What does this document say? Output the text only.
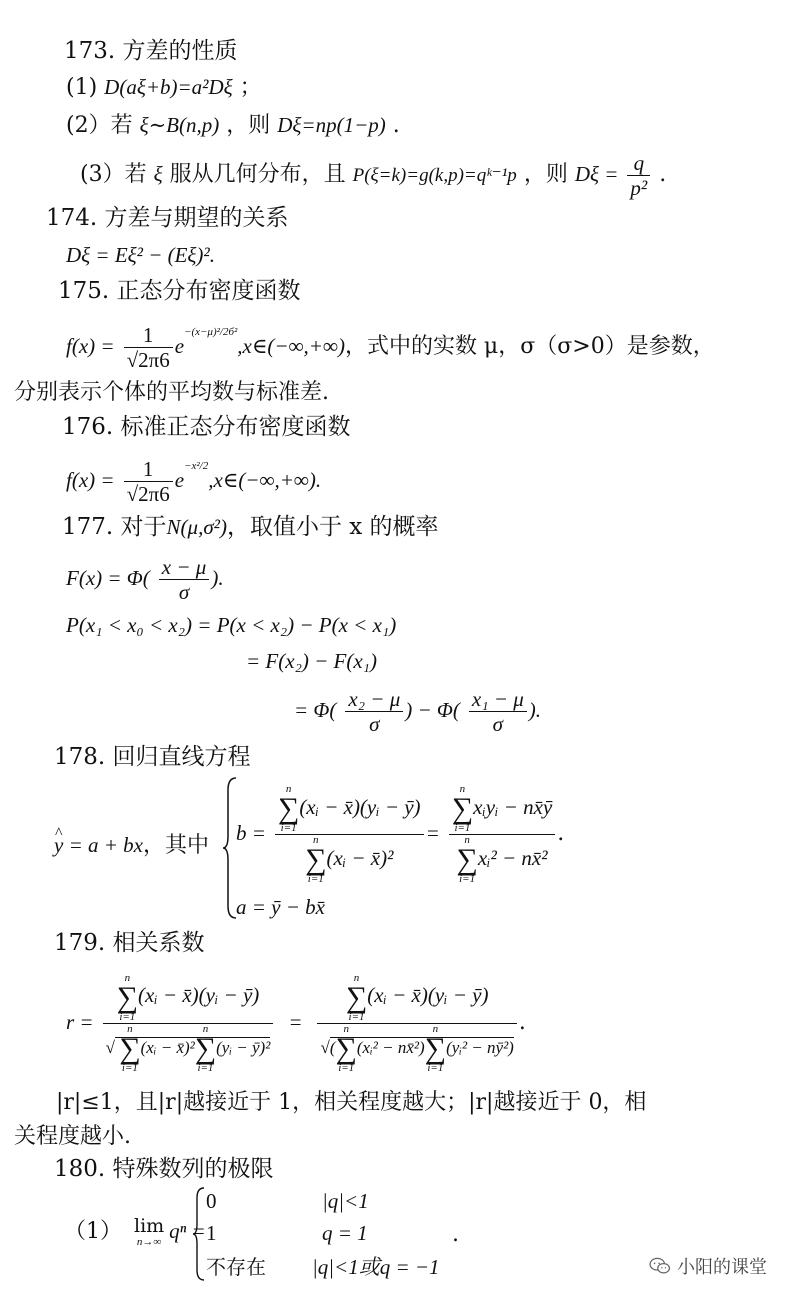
173. 方差的性质
(1) D(aξ+b)=a²Dξ ；
(2）若 ξ∼B(n,p) ，则 Dξ=np(1−p) .
(3）若 ξ 服从几何分布，且 P(ξ=k)=g(k,p)=qᵏ⁻¹p ，则 $D\xi = \frac{q}{\text{p²}}$ .
174. 方差与期望的关系
Dξ = Eξ² − (Eξ)².
175. 正态分布密度函数
$f(x) = \frac{1}{√2\pi 6}$ $e^{-(x-\mu)^2/2б^2},x\in(-\infty,+\infty)$，式中的实数 μ，σ（σ>0）是参数，
分别表示个体的平均数与标准差.
176. 标准正态分布密度函数
$f(x) = \frac{1}{√2\pi 6}$ $e^{-x^2/2},x\in(-\infty,+\infty)$.
177. 对于N(μ,σ²)，取值小于 x 的概率
$F(x) = \Phi( \frac{x - \mu}{\sigma}$ ).
P(x₁ < x₀ < x₂) = P(x < x₂) − P(x < x₁)
= F(x₂) − F(x₁)
= $\Phi( \frac{\text{x₂ − μ}}{\sigma}$ ) − $\Phi( \frac{\text{x₁ − μ}}{\sigma}$ ).
178. 回归直线方程
^ y = a + bx，其中 b = n
∑
i=1
(xᵢ − x̄)(yᵢ − ȳ)
n
∑
i=1
(xᵢ − x̄)² = n
∑
i=1
xᵢyᵢ − nx̄ȳ
n
∑
i=1
xᵢ² − nx̄² .
a = ȳ − bx̄
179. 相关系数
r = n
∑
i=1
(xᵢ − x̄)(yᵢ − ȳ)
√
n
∑
i=1
(xᵢ − x̄)²
n
∑
i=1
(yᵢ − ȳ)² = n
∑
i=1
(xᵢ − x̄)(yᵢ − ȳ)
√(
n
∑
i=1
(xᵢ² − nx̄²)
n
∑
i=1
(yᵢ² − nȳ²) .
|r|≤1，且|r|越接近于 1，相关程度越大；|r|越接近于 0，相
关程度越小.
180. 特殊数列的极限
（1） lim
n→∞ qⁿ =
0	|q|<1
1	q = 1
不存在 |q|<1或q = −1
.
小阳的课堂
